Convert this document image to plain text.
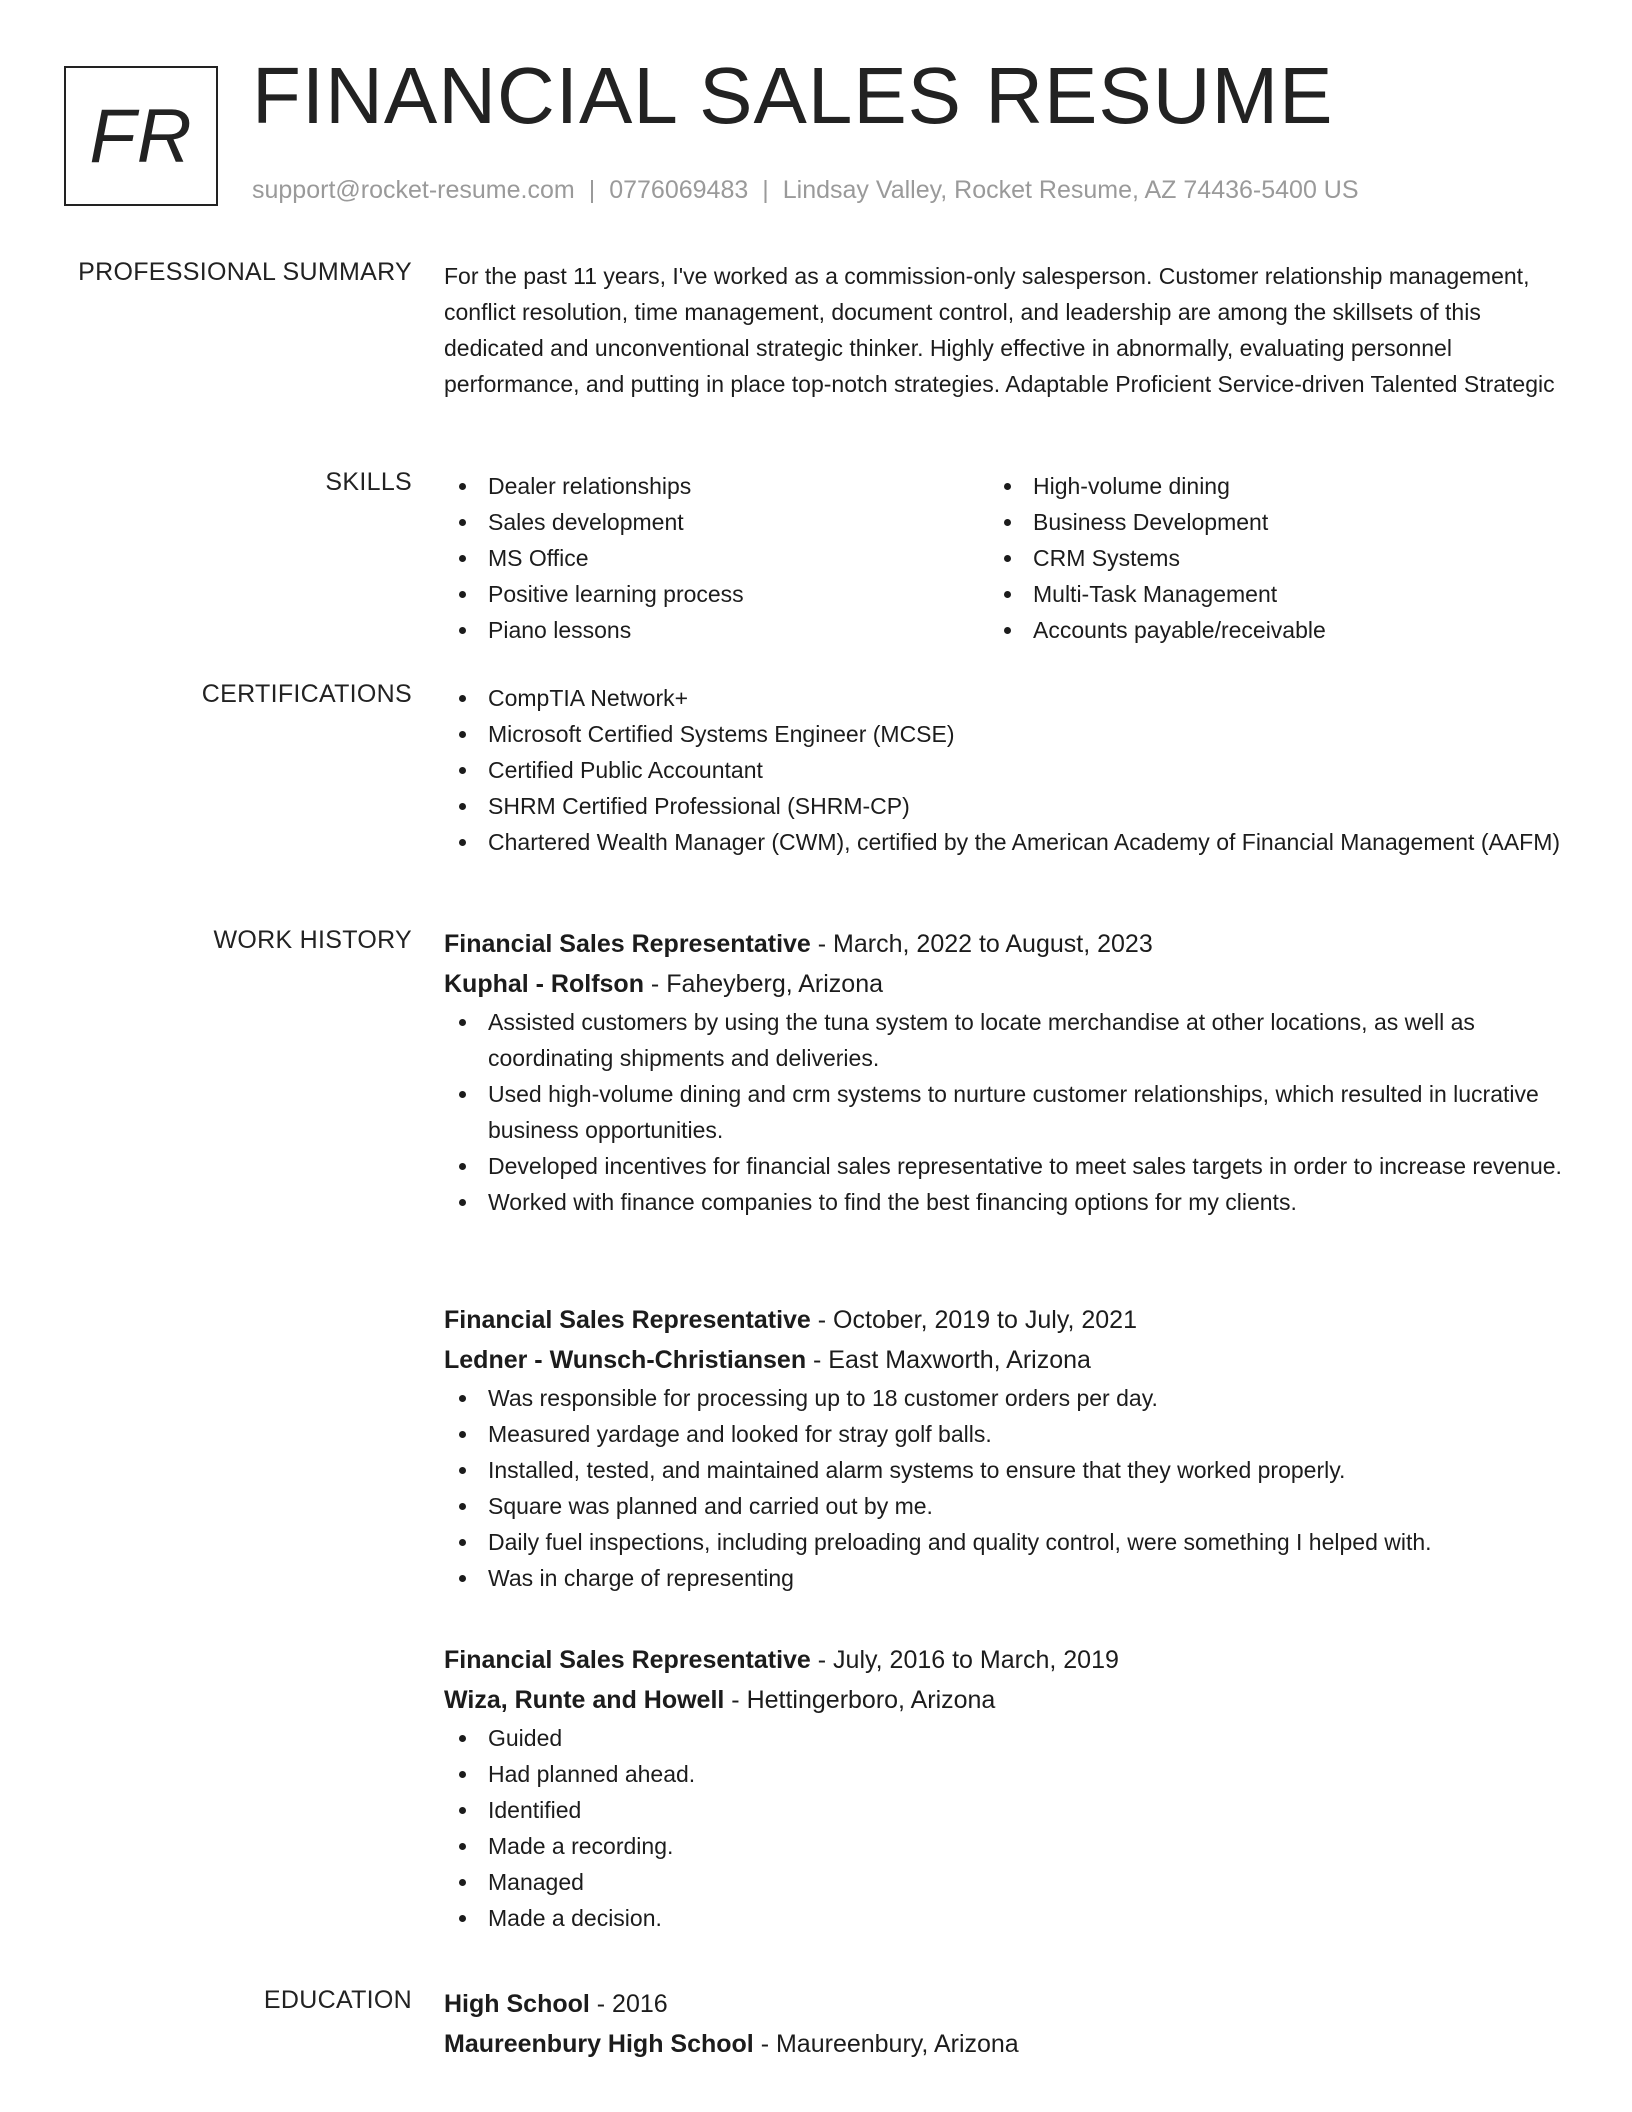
FR FINANCIAL SALES RESUME
support@rocket-resume.com | 0776069483 | Lindsay Valley, Rocket Resume, AZ 74436-5400 US
PROFESSIONAL SUMMARY For the past 11 years, I've worked as a commission-only salesperson. Customer relationship management, conflict resolution, time management, document control, and leadership are among the skillsets of this dedicated and unconventional strategic thinker. Highly effective in abnormally, evaluating personnel performance, and putting in place top-notch strategies. Adaptable Proficient Service-driven Talented Strategic

SKILLS	Dealer relationships
Sales development
MS Office
Positive learning process
Piano lessons
High-volume dining
Business Development
CRM Systems
Multi-Task Management
Accounts payable/receivable
CERTIFICATIONS	CompTIA Network+
Microsoft Certified Systems Engineer (MCSE)
Certified Public Accountant
SHRM Certified Professional (SHRM-CP)
Chartered Wealth Manager (CWM), certified by the American Academy of Financial Management (AAFM)
WORK HISTORY Financial Sales Representative - March, 2022 to August, 2023
Kuphal - Rolfson - Faheyberg, Arizona
Assisted customers by using the tuna system to locate merchandise at other locations, as well as coordinating shipments and deliveries.
Used high-volume dining and crm systems to nurture customer relationships, which resulted in lucrative business opportunities.
Developed incentives for financial sales representative to meet sales targets in order to increase revenue.
Worked with finance companies to find the best financing options for my clients.
Financial Sales Representative - October, 2019 to July, 2021
Ledner - Wunsch-Christiansen - East Maxworth, Arizona
Was responsible for processing up to 18 customer orders per day.
Measured yardage and looked for stray golf balls.
Installed, tested, and maintained alarm systems to ensure that they worked properly.
Square was planned and carried out by me.
Daily fuel inspections, including preloading and quality control, were something I helped with.
Was in charge of representing
Financial Sales Representative - July, 2016 to March, 2019
Wiza, Runte and Howell - Hettingerboro, Arizona
Guided
Had planned ahead.
Identified
Made a recording.
Managed
Made a decision.
EDUCATION High School - 2016
Maureenbury High School - Maureenbury, Arizona
